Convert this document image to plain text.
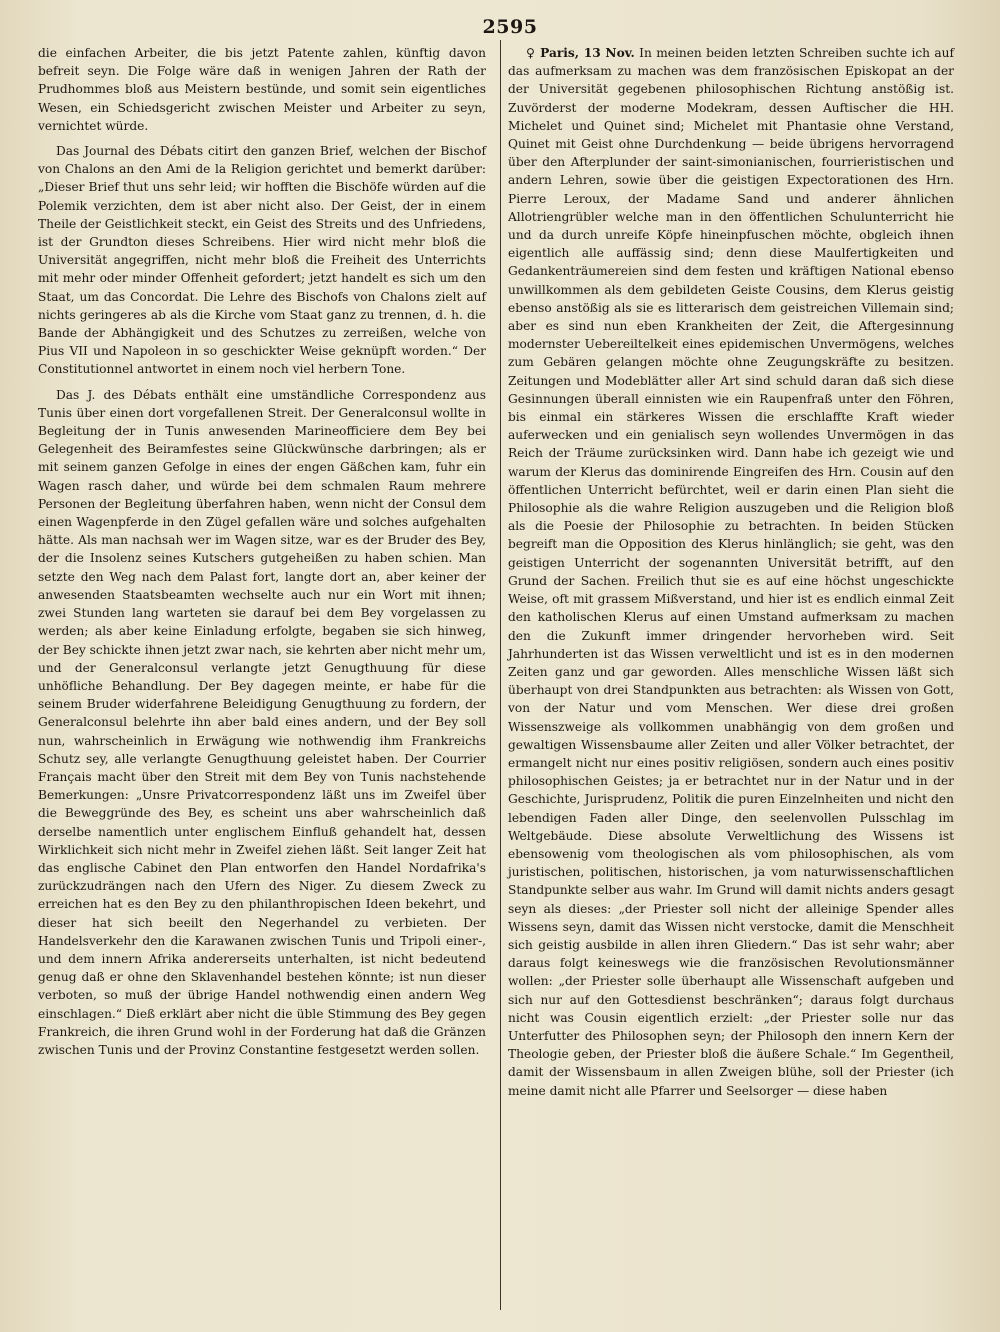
2595

die einfachen Arbeiter, die bis jetzt Patente zahlen, künftig davon befreit seyn. Die Folge wäre daß in wenigen Jahren der Rath der Prudhommes bloß aus Meistern bestünde, und somit sein eigentliches Wesen, ein Schiedsgericht zwischen Meister und Arbeiter zu seyn, vernichtet würde.

Das Journal des Débats citirt den ganzen Brief, welchen der Bischof von Chalons an den Ami de la Religion gerichtet und bemerkt darüber: „Dieser Brief thut uns sehr leid; wir hofften die Bischöfe würden auf die Polemik verzichten, dem ist aber nicht also. Der Geist, der in einem Theile der Geistlichkeit steckt, ein Geist des Streits und des Unfriedens, ist der Grundton dieses Schreibens. Hier wird nicht mehr bloß die Universität angegriffen, nicht mehr bloß die Freiheit des Unterrichts mit mehr oder minder Offenheit gefordert; jetzt handelt es sich um den Staat, um das Concordat. Die Lehre des Bischofs von Chalons zielt auf nichts geringeres ab als die Kirche vom Staat ganz zu trennen, d. h. die Bande der Abhängigkeit und des Schutzes zu zerreißen, welche von Pius VII und Napoleon in so geschickter Weise geknüpft worden.“ Der Constitutionnel antwortet in einem noch viel herbern Tone.

Das J. des Débats enthält eine umständliche Correspondenz aus Tunis über einen dort vorgefallenen Streit. Der Generalconsul wollte in Begleitung der in Tunis anwesenden Marineofficiere dem Bey bei Gelegenheit des Beiramfestes seine Glückwünsche darbringen; als er mit seinem ganzen Gefolge in eines der engen Gäßchen kam, fuhr ein Wagen rasch daher, und würde bei dem schmalen Raum mehrere Personen der Begleitung überfahren haben, wenn nicht der Consul dem einen Wagenpferde in den Zügel gefallen wäre und solches aufgehalten hätte. Als man nachsah wer im Wagen sitze, war es der Bruder des Bey, der die Insolenz seines Kutschers gutgeheißen zu haben schien. Man setzte den Weg nach dem Palast fort, langte dort an, aber keiner der anwesenden Staatsbeamten wechselte auch nur ein Wort mit ihnen; zwei Stunden lang warteten sie darauf bei dem Bey vorgelassen zu werden; als aber keine Einladung erfolgte, begaben sie sich hinweg, der Bey schickte ihnen jetzt zwar nach, sie kehrten aber nicht mehr um, und der Generalconsul verlangte jetzt Genugthuung für diese unhöfliche Behandlung. Der Bey dagegen meinte, er habe für die seinem Bruder widerfahrene Beleidigung Genugthuung zu fordern, der Generalconsul belehrte ihn aber bald eines andern, und der Bey soll nun, wahrscheinlich in Erwägung wie nothwendig ihm Frankreichs Schutz sey, alle verlangte Genugthuung geleistet haben. Der Courrier Français macht über den Streit mit dem Bey von Tunis nachstehende Bemerkungen: „Unsre Privatcorrespondenz läßt uns im Zweifel über die Beweggründe des Bey, es scheint uns aber wahrscheinlich daß derselbe namentlich unter englischem Einfluß gehandelt hat, dessen Wirklichkeit sich nicht mehr in Zweifel ziehen läßt. Seit langer Zeit hat das englische Cabinet den Plan entworfen den Handel Nordafrika's zurückzudrängen nach den Ufern des Niger. Zu diesem Zweck zu erreichen hat es den Bey zu den philanthropischen Ideen bekehrt, und dieser hat sich beeilt den Negerhandel zu verbieten. Der Handelsverkehr den die Karawanen zwischen Tunis und Tripoli einer-, und dem innern Afrika andererseits unterhalten, ist nicht bedeutend genug daß er ohne den Sklavenhandel bestehen könnte; ist nun dieser verboten, so muß der übrige Handel nothwendig einen andern Weg einschlagen.“ Dieß erklärt aber nicht die üble Stimmung des Bey gegen Frankreich, die ihren Grund wohl in der Forderung hat daß die Gränzen zwischen Tunis und der Provinz Constantine festgesetzt werden sollen.

♀ Paris, 13 Nov. In meinen beiden letzten Schreiben suchte ich auf das aufmerksam zu machen was dem französischen Episkopat an der der Universität gegebenen philosophischen Richtung anstößig ist. Zuvörderst der moderne Modekram, dessen Auftischer die HH. Michelet und Quinet sind; Michelet mit Phantasie ohne Verstand, Quinet mit Geist ohne Durchdenkung — beide übrigens hervorragend über den Afterplunder der saint-simonianischen, fourrieristischen und andern Lehren, sowie über die geistigen Expectorationen des Hrn. Pierre Leroux, der Madame Sand und anderer ähnlichen Allotriengrübler welche man in den öffentlichen Schulunterricht hie und da durch unreife Köpfe hineinpfuschen möchte, obgleich ihnen eigentlich alle auffässig sind; denn diese Maulfertigkeiten und Gedankenträumereien sind dem festen und kräftigen National ebenso unwillkommen als dem gebildeten Geiste Cousins, dem Klerus geistig ebenso anstößig als sie es litterarisch dem geistreichen Villemain sind; aber es sind nun eben Krankheiten der Zeit, die Aftergesinnung modernster Uebereiltelkeit eines epidemischen Unvermögens, welches zum Gebären gelangen möchte ohne Zeugungskräfte zu besitzen. Zeitungen und Modeblätter aller Art sind schuld daran daß sich diese Gesinnungen überall einnisten wie ein Raupenfraß unter den Föhren, bis einmal ein stärkeres Wissen die erschlaffte Kraft wieder auferwecken und ein genialisch seyn wollendes Unvermögen in das Reich der Träume zurücksinken wird. Dann habe ich gezeigt wie und warum der Klerus das dominirende Eingreifen des Hrn. Cousin auf den öffentlichen Unterricht befürchtet, weil er darin einen Plan sieht die Philosophie als die wahre Religion auszugeben und die Religion bloß als die Poesie der Philosophie zu betrachten. In beiden Stücken begreift man die Opposition des Klerus hinlänglich; sie geht, was den geistigen Unterricht der sogenannten Universität betrifft, auf den Grund der Sachen. Freilich thut sie es auf eine höchst ungeschickte Weise, oft mit grassem Mißverstand, und hier ist es endlich einmal Zeit den katholischen Klerus auf einen Umstand aufmerksam zu machen den die Zukunft immer dringender hervorheben wird. Seit Jahrhunderten ist das Wissen verweltlicht und ist es in den modernen Zeiten ganz und gar geworden. Alles menschliche Wissen läßt sich überhaupt von drei Standpunkten aus betrachten: als Wissen von Gott, von der Natur und vom Menschen. Wer diese drei großen Wissenszweige als vollkommen unabhängig von dem großen und gewaltigen Wissensbaume aller Zeiten und aller Völker betrachtet, der ermangelt nicht nur eines positiv religiösen, sondern auch eines positiv philosophischen Geistes; ja er betrachtet nur in der Natur und in der Geschichte, Jurisprudenz, Politik die puren Einzelnheiten und nicht den lebendigen Faden aller Dinge, den seelenvollen Pulsschlag im Weltgebäude. Diese absolute Verweltlichung des Wissens ist ebensowenig vom theologischen als vom philosophischen, als vom juristischen, politischen, historischen, ja vom naturwissenschaftlichen Standpunkte selber aus wahr. Im Grund will damit nichts anders gesagt seyn als dieses: „der Priester soll nicht der alleinige Spender alles Wissens seyn, damit das Wissen nicht verstocke, damit die Menschheit sich geistig ausbilde in allen ihren Gliedern.“ Das ist sehr wahr; aber daraus folgt keineswegs wie die französischen Revolutionsmänner wollen: „der Priester solle überhaupt alle Wissenschaft aufgeben und sich nur auf den Gottesdienst beschränken“; daraus folgt durchaus nicht was Cousin eigentlich erzielt: „der Priester solle nur das Unterfutter des Philosophen seyn; der Philosoph den innern Kern der Theologie geben, der Priester bloß die äußere Schale.“ Im Gegentheil, damit der Wissensbaum in allen Zweigen blühe, soll der Priester (ich meine damit nicht alle Pfarrer und Seelsorger — diese haben
